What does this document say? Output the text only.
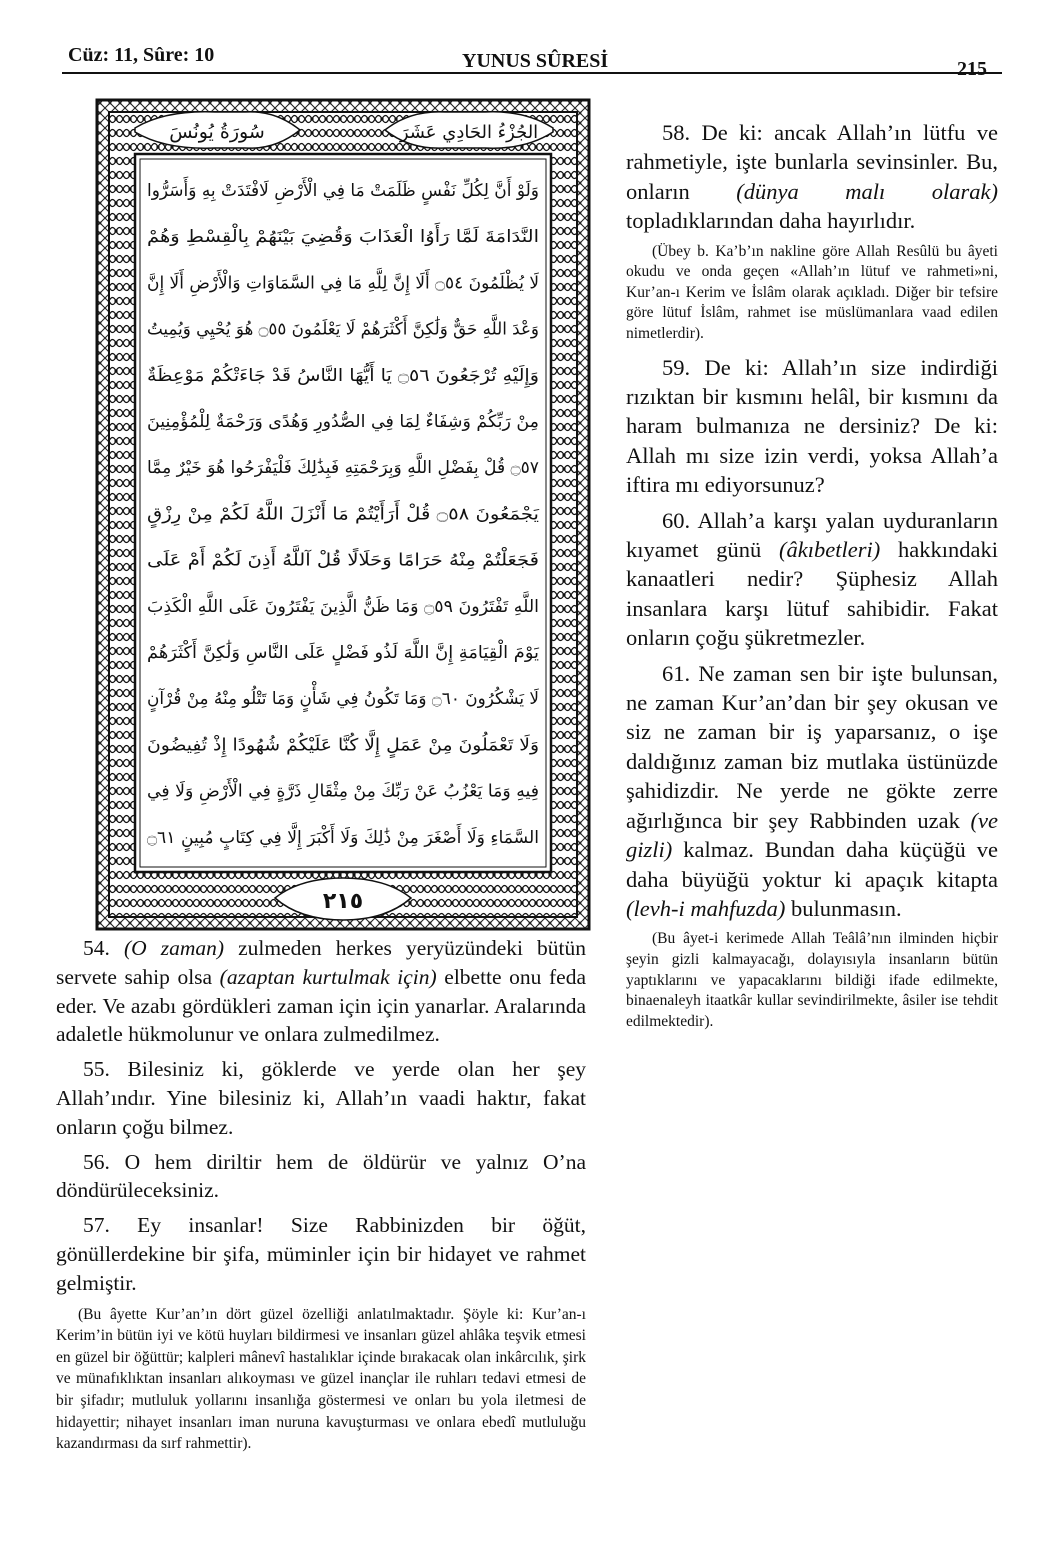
Cüz: 11, Sûre: 10	YUNUS SÛRESİ	215
سُورَةُ يُونُسَ	الجُزْءُ الحَادِي عَشَرَ
٢١٥
وَلَوْ أَنَّ لِكُلِّ نَفْسٍ ظَلَمَتْ مَا فِي الْأَرْضِ لَافْتَدَتْ بِهِ وَأَسَرُّوا
النَّدَامَةَ لَمَّا رَأَوُا الْعَذَابَ وَقُضِيَ بَيْنَهُمْ بِالْقِسْطِ وَهُمْ
لَا يُظْلَمُونَ ۝٥٤ أَلَا إِنَّ لِلَّهِ مَا فِي السَّمَاوَاتِ وَالْأَرْضِ أَلَا إِنَّ
وَعْدَ اللَّهِ حَقٌّ وَلَٰكِنَّ أَكْثَرَهُمْ لَا يَعْلَمُونَ ۝٥٥ هُوَ يُحْيِي وَيُمِيتُ
وَإِلَيْهِ تُرْجَعُونَ ۝٥٦ يَا أَيُّهَا النَّاسُ قَدْ جَاءَتْكُمْ مَوْعِظَةٌ
مِنْ رَبِّكُمْ وَشِفَاءٌ لِمَا فِي الصُّدُورِ وَهُدًى وَرَحْمَةٌ لِلْمُؤْمِنِينَ
۝٥٧ قُلْ بِفَضْلِ اللَّهِ وَبِرَحْمَتِهِ فَبِذَٰلِكَ فَلْيَفْرَحُوا هُوَ خَيْرٌ مِمَّا
يَجْمَعُونَ ۝٥٨ قُلْ أَرَأَيْتُمْ مَا أَنْزَلَ اللَّهُ لَكُمْ مِنْ رِزْقٍ
فَجَعَلْتُمْ مِنْهُ حَرَامًا وَحَلَالًا قُلْ آللَّهُ أَذِنَ لَكُمْ أَمْ عَلَى
اللَّهِ تَفْتَرُونَ ۝٥٩ وَمَا ظَنُّ الَّذِينَ يَفْتَرُونَ عَلَى اللَّهِ الْكَذِبَ
يَوْمَ الْقِيَامَةِ إِنَّ اللَّهَ لَذُو فَضْلٍ عَلَى النَّاسِ وَلَٰكِنَّ أَكْثَرَهُمْ
لَا يَشْكُرُونَ ۝٦٠ وَمَا تَكُونُ فِي شَأْنٍ وَمَا تَتْلُو مِنْهُ مِنْ قُرْآنٍ
وَلَا تَعْمَلُونَ مِنْ عَمَلٍ إِلَّا كُنَّا عَلَيْكُمْ شُهُودًا إِذْ تُفِيضُونَ
فِيهِ وَمَا يَعْزُبُ عَنْ رَبِّكَ مِنْ مِثْقَالِ ذَرَّةٍ فِي الْأَرْضِ وَلَا فِي
السَّمَاءِ وَلَا أَصْغَرَ مِنْ ذَٰلِكَ وَلَا أَكْبَرَ إِلَّا فِي كِتَابٍ مُبِينٍ ۝٦١

54. (O zaman) zulmeden herkes yeryüzündeki bütün servete sahip olsa (azaptan kurtulmak için) elbette onu feda eder. Ve azabı gördükleri zaman için için yanarlar. Aralarında adaletle hükmolunur ve onlara zulmedilmez.

55. Bilesiniz ki, göklerde ve yerde olan her şey Allah’ındır. Yine bilesiniz ki, Allah’ın vaadi haktır, fakat onların çoğu bilmez.

56. O hem diriltir hem de öldürür ve yalnız O’na döndürüleceksiniz.

57. Ey insanlar! Size Rabbinizden bir öğüt, gönüllerdekine bir şifa, müminler için bir hidayet ve rahmet gelmiştir.

(Bu âyette Kur’an’ın dört güzel özelliği anlatılmaktadır. Şöyle ki: Kur’an-ı Kerim’in bütün iyi ve kötü huyları bildirmesi ve insanları güzel ahlâka teşvik etmesi en güzel bir öğüttür; kalpleri mânevî hastalıklar içinde bırakacak olan inkârcılık, şirk ve münafıklıktan insanları alıkoyması ve güzel inançlar ile ruhları tedavi etmesi de bir şifadır; mutluluk yollarını insanlığa göstermesi ve onları bu yola iletmesi de hidayettir; nihayet insanları iman nuruna kavuşturması ve onlara ebedî mutluluğu kazandırması da sırf rahmettir).

58. De ki: ancak Allah’ın lütfu ve rahmetiyle, işte bunlarla sevinsinler. Bu, onların (dünya malı olarak) topladıklarından daha hayırlıdır.

(Übey b. Ka’b’ın nakline göre Allah Resûlü bu âyeti okudu ve onda geçen «Allah’ın lütuf ve rahmeti»ni, Kur’an-ı Kerim ve İslâm olarak açıkladı. Diğer bir tefsire göre lütuf İslâm, rahmet ise müslümanlara vaad edilen nimetlerdir).

59. De ki: Allah’ın size indirdiği rızıktan bir kısmını helâl, bir kısmını da haram bulmanıza ne dersiniz? De ki: Allah mı size izin verdi, yoksa Allah’a iftira mı ediyorsunuz?

60. Allah’a karşı yalan uyduranların kıyamet günü (âkıbetleri) hakkındaki kanaatleri nedir? Şüphesiz Allah insanlara karşı lütuf sahibidir. Fakat onların çoğu şükretmezler.

61. Ne zaman sen bir işte bulunsan, ne zaman Kur’an’dan bir şey okusan ve siz ne zaman bir iş yaparsanız, o işe daldığınız zaman biz mutlaka üstünüzde şahidizdir. Ne yerde ne gökte zerre ağırlığınca bir şey Rabbinden uzak (ve gizli) kalmaz. Bundan daha küçüğü ve daha büyüğü yoktur ki apaçık kitapta (levh-i mahfuzda) bulunmasın.

(Bu âyet-i kerimede Allah Teâlâ’nın ilminden hiçbir şeyin gizli kalmayacağı, dolayısıyla insanların bütün yaptıklarını ve yapacaklarını bildiği ifade edilmekte, binaenaleyh itaatkâr kullar sevindirilmekte, âsiler ise tehdit edilmektedir).
